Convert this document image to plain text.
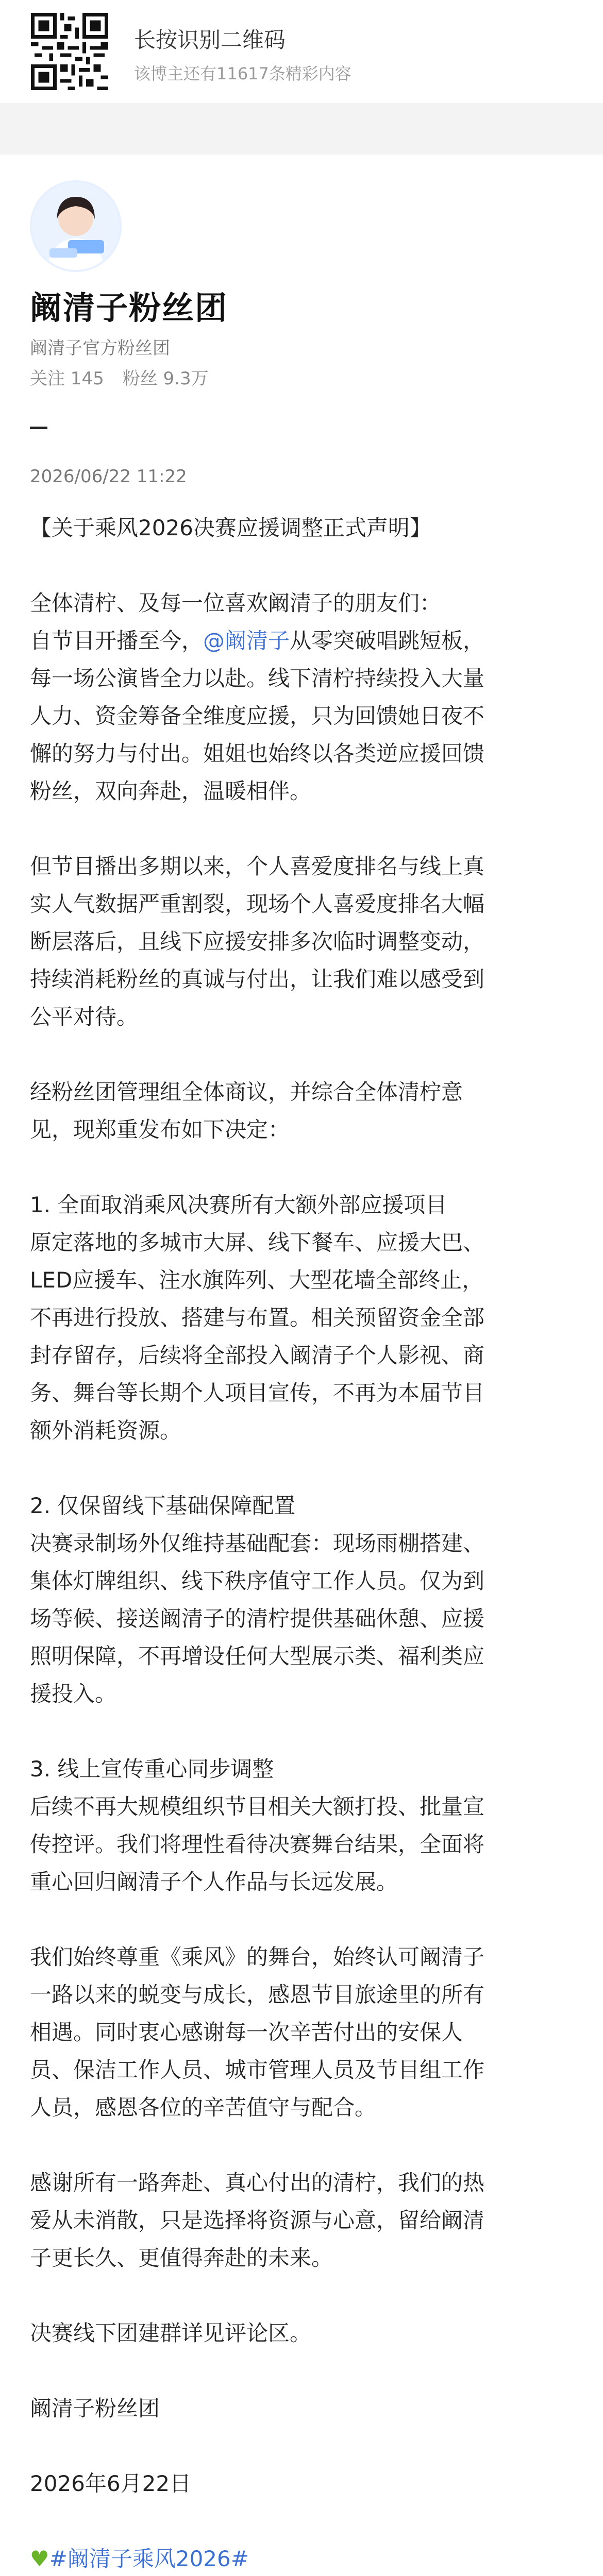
长按识别二维码
该博主还有11617条精彩内容
阚清子粉丝团
阚清子官方粉丝团
关注 145 粉丝 9.3万
2026/06/22 11:22

【关于乘风2026决赛应援调整正式声明】

全体清柠、及每一位喜欢阚清子的朋友们：

自节目开播至今，@阚清子从零突破唱跳短板，

每一场公演皆全力以赴。线下清柠持续投入大量

人力、资金筹备全维度应援，只为回馈她日夜不

懈的努力与付出。姐姐也始终以各类逆应援回馈

粉丝，双向奔赴，温暖相伴。

但节目播出多期以来，个人喜爱度排名与线上真

实人气数据严重割裂，现场个人喜爱度排名大幅

断层落后，且线下应援安排多次临时调整变动，

持续消耗粉丝的真诚与付出，让我们难以感受到

公平对待。

经粉丝团管理组全体商议，并综合全体清柠意

见，现郑重发布如下决定：

1. 全面取消乘风决赛所有大额外部应援项目

原定落地的多城市大屏、线下餐车、应援大巴、

LED应援车、注水旗阵列、大型花墙全部终止，

不再进行投放、搭建与布置。相关预留资金全部

封存留存，后续将全部投入阚清子个人影视、商

务、舞台等长期个人项目宣传，不再为本届节目

额外消耗资源。

2. 仅保留线下基础保障配置

决赛录制场外仅维持基础配套：现场雨棚搭建、

集体灯牌组织、线下秩序值守工作人员。仅为到

场等候、接送阚清子的清柠提供基础休憩、应援

照明保障，不再增设任何大型展示类、福利类应

援投入。

3. 线上宣传重心同步调整

后续不再大规模组织节目相关大额打投、批量宣

传控评。我们将理性看待决赛舞台结果，全面将

重心回归阚清子个人作品与长远发展。

我们始终尊重《乘风》的舞台，始终认可阚清子

一路以来的蜕变与成长，感恩节目旅途里的所有

相遇。同时衷心感谢每一次辛苦付出的安保人

员、保洁工作人员、城市管理人员及节目组工作

人员，感恩各位的辛苦值守与配合。

感谢所有一路奔赴、真心付出的清柠，我们的热

爱从未消散，只是选择将资源与心意，留给阚清

子更长久、更值得奔赴的未来。

决赛线下团建群详见评论区。

阚清子粉丝团

2026年6月22日

♥#阚清子乘风2026#
